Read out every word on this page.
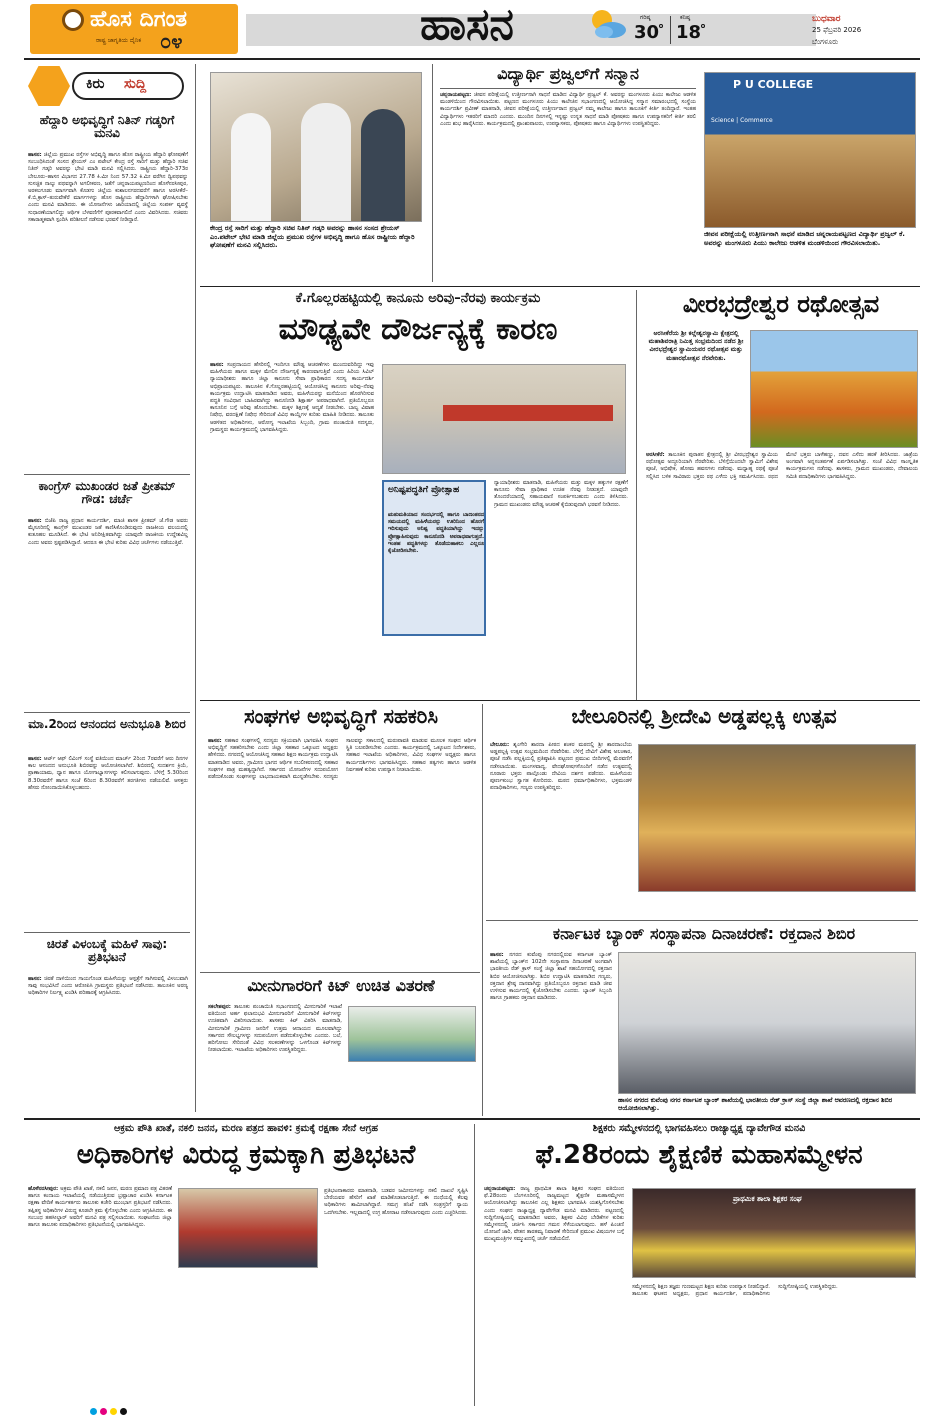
ಹೊಸ ದಿಗಂತ
ರಾಷ್ಟ್ರ ಜಾಗೃತಿಯ ದೈನಿಕ ೦೪	ಹಾಸನ	ಗರಿಷ್ಠ
30
ಕನಿಷ್ಠ
18
ಬುಧವಾರ
25 ಫೆಬ್ರವರಿ 2026
ಬೆಂಗಳೂರು
ಕಿರು ಸುದ್ದಿ
ಹೆದ್ದಾರಿ ಅಭಿವೃದ್ಧಿಗೆ ನಿತಿನ್ ಗಡ್ಕರಿಗೆ ಮನವಿ
ಹಾಸನ: ಜಿಲ್ಲೆಯ ಪ್ರಮುಖ ರಸ್ತೆಗಳ ಅಭಿವೃದ್ಧಿ ಹಾಗೂ ಹೊಸ ರಾಷ್ಟ್ರೀಯ ಹೆದ್ದಾರಿ ಘೋಷಣೆಗೆ ಸಂಬಂಧಿಸಿದಂತೆ ಸಂಸದ ಶ್ರೇಯಸ್ ಎಂ ಪಟೇಲ್ ಕೇಂದ್ರ ರಸ್ತೆ ಸಾರಿಗೆ ಮತ್ತು ಹೆದ್ದಾರಿ ಸಚಿವ ನಿತಿನ್ ಗಡ್ಕರಿ ಅವರನ್ನು ಭೇಟಿ ಮಾಡಿ ಮನವಿ ಸಲ್ಲಿಸಿದರು. ರಾಷ್ಟ್ರೀಯ ಹೆದ್ದಾರಿ-373ರ ಬೇಲೂರು–ಹಾಸನ ವಿಭಾಗದ 27.78 ಕಿ.ಮೀ ನಿಂದ 57.32 ಕಿ.ಮೀ ವರೆಗಿನ ದ್ವಿಪಥವನ್ನು ಸುಸಜ್ಜಿತ ನಾಲ್ಕು ಪಥವನ್ನಾಗಿ ಅಗಲೀಕರಣ, ಜತೆಗೆ ಚನ್ನರಾಯಪಟ್ಟಣದಿಂದ ಹೊಳೆನರಸೀಪುರ, ಅರಕಲಗೂಡು ಮಾರ್ಗವಾಗಿ ಕೊಡಗು ಜಿಲ್ಲೆಯ ಕುಶಾಲನಗರದವರೆಗೆ ಹಾಗೂ ಅರಸೀಕೆರೆ–ಕೆ.ಬಿ.ಕ್ರಾಸ್–ತುರುವೇಕೆರೆ ಮಾರ್ಗಗಳನ್ನು ಹೊಸ ರಾಷ್ಟ್ರೀಯ ಹೆದ್ದಾರಿಗಳಾಗಿ ಘೋಷಿಸಬೇಕು ಎಂದು ಮನವಿ ಮಾಡಿದರು. ಈ ಯೋಜನೆಗಳು ಜಾರಿಯಾದಲ್ಲಿ ಜಿಲ್ಲೆಯ ಸಂಪರ್ಕ ವ್ಯವಸ್ಥೆ ಸುಧಾರಣೆಯಾಗಲಿದ್ದು ಆರ್ಥಿಕ ಬೆಳವಣಿಗೆಗೆ ಪೂರಕವಾಗಲಿದೆ ಎಂದು ವಿವರಿಸಿದರು. ಸಚಿವರು ಸಕಾರಾತ್ಮಕವಾಗಿ ಸ್ಪಂದಿಸಿ ಪರಿಶೀಲನೆ ನಡೆಸುವ ಭರವಸೆ ನೀಡಿದ್ದಾರೆ.
ಕಾಂಗ್ರೆಸ್ ಮುಖಂಡರ ಜತೆ ಪ್ರೀತಮ್ ಗೌಡ: ಚರ್ಚೆ
ಹಾಸನ: ಬಿಜೆಪಿ ರಾಜ್ಯ ಪ್ರಧಾನ ಕಾರ್ಯದರ್ಶಿ, ಮಾಜಿ ಶಾಸಕ ಪ್ರೀತಮ್ ಜೆ.ಗೌಡ ಅವರು ಮೈಸೂರಿನಲ್ಲಿ ಕಾಂಗ್ರೆಸ್ ಮುಖಂಡರ ಜತೆ ಕಾಣಿಸಿಕೊಂಡಿರುವುದು ರಾಜಕೀಯ ವಲಯದಲ್ಲಿ ಕುತೂಹಲ ಮೂಡಿಸಿದೆ. ಈ ಭೇಟಿ ಅನಿರೀಕ್ಷಿತವಾಗಿದ್ದು ಯಾವುದೇ ರಾಜಕೀಯ ಉದ್ದೇಶವಿಲ್ಲ ಎಂದು ಅವರು ಸ್ಪಷ್ಟಪಡಿಸಿದ್ದಾರೆ. ಆದರೂ ಈ ಭೇಟಿ ಕುರಿತು ವಿವಿಧ ಚರ್ಚೆಗಳು ನಡೆಯುತ್ತಿವೆ.
ಮಾ.2ರಿಂದ ಆನಂದದ ಅನುಭೂತಿ ಶಿಬಿರ
ಹಾಸನ: ಆರ್ಟ್ ಆಫ್ ಲಿವಿಂಗ್ ಸಂಸ್ಥೆ ವತಿಯಿಂದ ಮಾರ್ಚ್ 2ರಿಂದ 7ರವರೆಗೆ ಆರು ದಿನಗಳ ಕಾಲ ಆನಂದದ ಅನುಭೂತಿ ಶಿಬಿರವನ್ನು ಆಯೋಜಿಸಲಾಗಿದೆ. ಶಿಬಿರದಲ್ಲಿ ಸುದರ್ಶನ ಕ್ರಿಯೆ, ಪ್ರಾಣಾಯಾಮ, ಧ್ಯಾನ ಹಾಗೂ ಯೋಗಾಭ್ಯಾಸಗಳನ್ನು ಕಲಿಸಲಾಗುವುದು. ಬೆಳಿಗ್ಗೆ 5.30ರಿಂದ 8.30ರವರೆಗೆ ಹಾಗೂ ಸಂಜೆ 6ರಿಂದ 8.30ರವರೆಗೆ ತರಗತಿಗಳು ನಡೆಯಲಿವೆ. ಆಸಕ್ತರು ಹೆಸರು ನೋಂದಾಯಿಸಿಕೊಳ್ಳಬಹುದು.
ಚಿರತೆ ವಿಳಂಬಕ್ಕೆ ಮಹಿಳೆ ಸಾವು: ಪ್ರತಿಭಟನೆ
ಹಾಸನ: ಚಿರತೆ ದಾಳಿಯಿಂದ ಗಾಯಗೊಂಡ ಮಹಿಳೆಯನ್ನು ಆಸ್ಪತ್ರೆಗೆ ಸಾಗಿಸುವಲ್ಲಿ ವಿಳಂಬವಾಗಿ ಸಾವು ಸಂಭವಿಸಿದೆ ಎಂದು ಆರೋಪಿಸಿ ಗ್ರಾಮಸ್ಥರು ಪ್ರತಿಭಟನೆ ನಡೆಸಿದರು. ತಾಲೂಕಿನ ಅರಣ್ಯ ಅಧಿಕಾರಿಗಳ ನಿರ್ಲಕ್ಷ್ಯ ಖಂಡಿಸಿ ಪರಿಹಾರಕ್ಕೆ ಆಗ್ರಹಿಸಿದರು.
ಕೇಂದ್ರ ರಸ್ತೆ ಸಾರಿಗೆ ಮತ್ತು ಹೆದ್ದಾರಿ ಸಚಿವ ನಿತಿನ್ ಗಡ್ಕರಿ ಅವರನ್ನು ಹಾಸನ ಸಂಸದ ಶ್ರೇಯಸ್ ಎಂ.ಪಟೇಲ್ ಭೇಟಿ ಮಾಡಿ ಜಿಲ್ಲೆಯ ಪ್ರಮುಖ ರಸ್ತೆಗಳ ಅಭಿವೃದ್ಧಿ ಹಾಗೂ ಹೊಸ ರಾಷ್ಟ್ರೀಯ ಹೆದ್ದಾರಿ ಘೋಷಣೆಗೆ ಮನವಿ ಸಲ್ಲಿಸಿದರು.
ವಿದ್ಯಾರ್ಥಿ ಪ್ರಜ್ವಲ್‌ಗೆ ಸನ್ಮಾನ
ಚನ್ನರಾಯಪಟ್ಟಣ: ಜೀವನ ಪರೀಕ್ಷೆಯಲ್ಲಿ ಉತ್ತೀರ್ಣನಾಗಿ ಸಾಧನೆ ಮಾಡಿದ ವಿದ್ಯಾರ್ಥಿ ಪ್ರಜ್ವಲ್ ಕೆ. ಅವರನ್ನು ಮಂಗಳೂರು ಪಿಯು ಕಾಲೇಜು ಆಡಳಿತ ಮಂಡಳಿಯಿಂದ ಗೌರವಿಸಲಾಯಿತು. ಪಟ್ಟಣದ ಮಂಗಳೂರು ಪಿಯು ಕಾಲೇಜಿನ ಸಭಾಂಗಣದಲ್ಲಿ ಆಯೋಜಿಸಿದ್ದ ಸನ್ಮಾನ ಸಮಾರಂಭದಲ್ಲಿ ಸಂಸ್ಥೆಯ ಕಾರ್ಯದರ್ಶಿ ಪ್ರವೀಣ್ ಮಾತನಾಡಿ, ಜೀವನ ಪರೀಕ್ಷೆಯಲ್ಲಿ ಉತ್ತೀರ್ಣರಾದ ಪ್ರಜ್ವಲ್ ನಮ್ಮ ಕಾಲೇಜು ಹಾಗೂ ತಾಲೂಕಿಗೆ ಕೀರ್ತಿ ತಂದಿದ್ದಾರೆ. ಇಂತಹ ವಿದ್ಯಾರ್ಥಿಗಳು ಇತರರಿಗೆ ಮಾದರಿ ಎಂದರು. ಮುಂದಿನ ದಿನಗಳಲ್ಲಿ ಇನ್ನಷ್ಟು ಉನ್ನತ ಸಾಧನೆ ಮಾಡಿ ಪೋಷಕರು ಹಾಗೂ ಉಪನ್ಯಾಸಕರಿಗೆ ಕೀರ್ತಿ ತರಲಿ ಎಂದು ಶುಭ ಹಾರೈಸಿದರು. ಕಾರ್ಯಕ್ರಮದಲ್ಲಿ ಪ್ರಾಂಶುಪಾಲರು, ಉಪನ್ಯಾಸಕರು, ಪೋಷಕರು ಹಾಗೂ ವಿದ್ಯಾರ್ಥಿಗಳು ಉಪಸ್ಥಿತರಿದ್ದರು.
P U COLLEGE
Science | Commerce
ಜೀವನ ಪರೀಕ್ಷೆಯಲ್ಲಿ ಉತ್ತೀರ್ಣನಾಗಿ ಸಾಧನೆ ಮಾಡಿದ ಚನ್ನರಾಯಪಟ್ಟಣದ ವಿದ್ಯಾರ್ಥಿ ಪ್ರಜ್ವಲ್ ಕೆ. ಅವರನ್ನು ಮಂಗಳೂರು ಪಿಯು ಕಾಲೇಜು ಆಡಳಿತ ಮಂಡಳಿಯಿಂದ ಗೌರವಿಸಲಾಯಿತು.
ಕೆ.ಗೊಲ್ಲರಹಟ್ಟಿಯಲ್ಲಿ ಕಾನೂನು ಅರಿವು–ನೆರವು ಕಾರ್ಯಕ್ರಮ
ಮೌಢ್ಯವೇ ದೌರ್ಜನ್ಯಕ್ಕೆ ಕಾರಣ
ಹಾಸನ: ಸಂಪ್ರದಾಯದ ಹೆಸರಿನಲ್ಲಿ ಇಂದಿಗೂ ಮೌಢ್ಯ ಆಚರಣೆಗಳು ಮುಂದುವರಿದಿದ್ದು ಇವು ಮಹಿಳೆಯರು ಹಾಗೂ ಮಕ್ಕಳ ಮೇಲಿನ ದೌರ್ಜನ್ಯಕ್ಕೆ ಕಾರಣವಾಗುತ್ತಿವೆ ಎಂದು ಹಿರಿಯ ಸಿವಿಲ್ ನ್ಯಾಯಾಧೀಶರು ಹಾಗೂ ಜಿಲ್ಲಾ ಕಾನೂನು ಸೇವಾ ಪ್ರಾಧಿಕಾರದ ಸದಸ್ಯ ಕಾರ್ಯದರ್ಶಿ ಅಭಿಪ್ರಾಯಪಟ್ಟರು. ತಾಲೂಕಿನ ಕೆ.ಗೊಲ್ಲರಹಟ್ಟಿಯಲ್ಲಿ ಆಯೋಜಿಸಿದ್ದ ಕಾನೂನು ಅರಿವು–ನೆರವು ಕಾರ್ಯಕ್ರಮ ಉದ್ಘಾಟಿಸಿ ಮಾತನಾಡಿದ ಅವರು, ಮಹಿಳೆಯರನ್ನು ಮನೆಯಿಂದ ಹೊರಗಿರಿಸುವ ಪದ್ಧತಿ ಸಂವಿಧಾನ ಬಾಹಿರವಾಗಿದ್ದು ಕಾನೂನಿನಡಿ ಶಿಕ್ಷಾರ್ಹ ಅಪರಾಧವಾಗಿದೆ. ಪ್ರತಿಯೊಬ್ಬರೂ ಕಾನೂನಿನ ಬಗ್ಗೆ ಅರಿವು ಹೊಂದಬೇಕು. ಮಕ್ಕಳ ಶಿಕ್ಷಣಕ್ಕೆ ಆದ್ಯತೆ ನೀಡಬೇಕು. ಬಾಲ್ಯ ವಿವಾಹ ನಿಷೇಧ, ವರದಕ್ಷಿಣೆ ನಿಷೇಧ ಸೇರಿದಂತೆ ವಿವಿಧ ಕಾಯ್ದೆಗಳ ಕುರಿತು ಮಾಹಿತಿ ನೀಡಿದರು. ತಾಲೂಕು ಆಡಳಿತದ ಅಧಿಕಾರಿಗಳು, ಆರೋಗ್ಯ ಇಲಾಖೆಯ ಸಿಬ್ಬಂದಿ, ಗ್ರಾಮ ಪಂಚಾಯಿತಿ ಸದಸ್ಯರು, ಗ್ರಾಮಸ್ಥರು ಕಾರ್ಯಕ್ರಮದಲ್ಲಿ ಭಾಗವಹಿಸಿದ್ದರು.
ಅನಿಷ್ಟಪದ್ಧತಿಗೆ ಪ್ರೋತ್ಸಾಹ
ಋತುಮತಿಯಾದ ಸಂದರ್ಭದಲ್ಲಿ ಹಾಗೂ ಬಾಣಂತನದ ಸಮಯದಲ್ಲಿ ಮಹಿಳೆಯರನ್ನು ಊರಿನಿಂದ ಹೊರಗೆ ಇರಿಸುವುದು ಅನಿಷ್ಟ ಪದ್ಧತಿಯಾಗಿದ್ದು ಇದನ್ನು ಪ್ರೋತ್ಸಾಹಿಸುವುದು ಕಾನೂನಿನಡಿ ಅಪರಾಧವಾಗುತ್ತದೆ. ಇಂತಹ ಪದ್ಧತಿಗಳನ್ನು ತೊಡೆದುಹಾಕಲು ಎಲ್ಲರೂ ಕೈಜೋಡಿಸಬೇಕು.
ನ್ಯಾಯಾಧೀಶರು ಮಾತನಾಡಿ, ಮಹಿಳೆಯರು ಮತ್ತು ಮಕ್ಕಳ ಹಕ್ಕುಗಳ ರಕ್ಷಣೆಗೆ ಕಾನೂನು ಸೇವಾ ಪ್ರಾಧಿಕಾರ ಉಚಿತ ನೆರವು ನೀಡುತ್ತದೆ. ಯಾವುದೇ ತೊಂದರೆಯಾದಲ್ಲಿ ಸಹಾಯವಾಣಿ ಸಂಪರ್ಕಿಸಬಹುದು ಎಂದು ತಿಳಿಸಿದರು. ಗ್ರಾಮದ ಮುಖಂಡರು ಮೌಢ್ಯ ಆಚರಣೆ ಕೈಬಿಡುವುದಾಗಿ ಭರವಸೆ ನೀಡಿದರು.
ವೀರಭದ್ರೇಶ್ವರ ರಥೋತ್ಸವ
ಅರಸೀಕೆರೆಯ ಶ್ರೀ ಕಲ್ಲೇಶ್ವರಸ್ವಾಮಿ ಕ್ಷೇತ್ರದಲ್ಲಿ ಮಹಾಶಿವರಾತ್ರಿ ನಿಮಿತ್ತ ಸಂಭ್ರಮದಿಂದ ನಡೆದ ಶ್ರೀ ವೀರಭದ್ರೇಶ್ವರ ಸ್ವಾಮಿಯವರ ರಥೋತ್ಸವ ಮತ್ತು ಮಹಾರಥೋತ್ಸವ ನೆರವೇರಿತು.
ಅರಸೀಕೆರೆ: ತಾಲೂಕಿನ ಪುರಾತನ ಕ್ಷೇತ್ರದಲ್ಲಿ ಶ್ರೀ ವೀರಭದ್ರೇಶ್ವರ ಸ್ವಾಮಿಯ ರಥೋತ್ಸವ ಅದ್ಧೂರಿಯಾಗಿ ನೆರವೇರಿತು. ಬೆಳಿಗ್ಗೆಯಿಂದಲೇ ಸ್ವಾಮಿಗೆ ವಿಶೇಷ ಪೂಜೆ, ಅಭಿಷೇಕ, ಹೋಮ ಹವನಗಳು ನಡೆದವು. ಮಧ್ಯಾಹ್ನ ರಥಕ್ಕೆ ಪೂಜೆ ಸಲ್ಲಿಸಿದ ಬಳಿಕ ಸಾವಿರಾರು ಭಕ್ತರು ರಥ ಎಳೆದು ಭಕ್ತಿ ಸಮರ್ಪಿಸಿದರು. ರಥದ ಮೇಲೆ ಭಕ್ತರು ಬಾಳೆಹಣ್ಣು, ದವನ ಎಸೆದು ಹರಕೆ ತೀರಿಸಿದರು. ಜಾತ್ರೆಯ ಅಂಗವಾಗಿ ಅನ್ನಸಂತರ್ಪಣೆ ಏರ್ಪಡಿಸಲಾಗಿತ್ತು. ಸಂಜೆ ವಿವಿಧ ಸಾಂಸ್ಕೃತಿಕ ಕಾರ್ಯಕ್ರಮಗಳು ನಡೆದವು. ಶಾಸಕರು, ಗ್ರಾಮದ ಮುಖಂಡರು, ದೇವಾಲಯ ಸಮಿತಿ ಪದಾಧಿಕಾರಿಗಳು ಭಾಗವಹಿಸಿದ್ದರು.
ಸಂಘಗಳ ಅಭಿವೃದ್ಧಿಗೆ ಸಹಕರಿಸಿ
ಹಾಸನ: ಸಹಕಾರ ಸಂಘಗಳಲ್ಲಿ ಸದಸ್ಯರು ಸಕ್ರಿಯವಾಗಿ ಭಾಗವಹಿಸಿ ಸಂಘದ ಅಭಿವೃದ್ಧಿಗೆ ಸಹಕರಿಸಬೇಕು ಎಂದು ಜಿಲ್ಲಾ ಸಹಕಾರ ಒಕ್ಕೂಟದ ಅಧ್ಯಕ್ಷರು ಹೇಳಿದರು. ನಗರದಲ್ಲಿ ಆಯೋಜಿಸಿದ್ದ ಸಹಕಾರ ಶಿಕ್ಷಣ ಕಾರ್ಯಕ್ರಮ ಉದ್ಘಾಟಿಸಿ ಮಾತನಾಡಿದ ಅವರು, ಗ್ರಾಮೀಣ ಭಾಗದ ಆರ್ಥಿಕ ಸಬಲೀಕರಣದಲ್ಲಿ ಸಹಕಾರ ಸಂಘಗಳ ಪಾತ್ರ ಮಹತ್ವದ್ದಾಗಿದೆ. ಸರ್ಕಾರದ ಯೋಜನೆಗಳ ಸದುಪಯೋಗ ಪಡೆದುಕೊಂಡು ಸಂಘಗಳನ್ನು ಲಾಭದಾಯಕವಾಗಿ ಮುನ್ನಡೆಸಬೇಕು. ಸದಸ್ಯರು ಸಾಲವನ್ನು ಸಕಾಲದಲ್ಲಿ ಮರುಪಾವತಿ ಮಾಡುವ ಮೂಲಕ ಸಂಘದ ಆರ್ಥಿಕ ಸ್ಥಿತಿ ಬಲಪಡಿಸಬೇಕು ಎಂದರು. ಕಾರ್ಯಕ್ರಮದಲ್ಲಿ ಒಕ್ಕೂಟದ ನಿರ್ದೇಶಕರು, ಸಹಕಾರ ಇಲಾಖೆಯ ಅಧಿಕಾರಿಗಳು, ವಿವಿಧ ಸಂಘಗಳ ಅಧ್ಯಕ್ಷರು ಹಾಗೂ ಕಾರ್ಯದರ್ಶಿಗಳು ಭಾಗವಹಿಸಿದ್ದರು. ಸಹಕಾರ ತತ್ವಗಳು ಹಾಗೂ ಆಡಳಿತ ನಿರ್ವಹಣೆ ಕುರಿತು ಉಪನ್ಯಾಸ ನೀಡಲಾಯಿತು.
ಬೇಲೂರಿನಲ್ಲಿ ಶ್ರೀದೇವಿ ಅಡ್ಡಪಲ್ಲಕ್ಕಿ ಉತ್ಸವ
ಬೇಲೂರು: ಶೃಂಗೇರಿ ಶಾರದಾ ಪೀಠದ ಶಂಕರ ಮಠದಲ್ಲಿ ಶ್ರೀ ಶಾರದಾಂಬೆಯ ಅಡ್ಡಪಲ್ಲಕ್ಕಿ ಉತ್ಸವ ಸಂಭ್ರಮದಿಂದ ನೆರವೇರಿತು. ಬೆಳಿಗ್ಗೆ ದೇವಿಗೆ ವಿಶೇಷ ಅಲಂಕಾರ, ಪೂಜೆ ನಡೆಸಿ ಪಲ್ಲಕ್ಕಿಯಲ್ಲಿ ಪ್ರತಿಷ್ಠಾಪಿಸಿ ಪಟ್ಟಣದ ಪ್ರಮುಖ ಬೀದಿಗಳಲ್ಲಿ ಮೆರವಣಿಗೆ ನಡೆಸಲಾಯಿತು. ಮಂಗಳವಾದ್ಯ, ವೇದಘೋಷಗಳೊಂದಿಗೆ ನಡೆದ ಉತ್ಸವದಲ್ಲಿ ನೂರಾರು ಭಕ್ತರು ಪಾಲ್ಗೊಂಡು ದೇವಿಯ ದರ್ಶನ ಪಡೆದರು. ಮಹಿಳೆಯರು ಪೂರ್ಣಕುಂಭ ಸ್ವಾಗತ ಕೋರಿದರು. ಮಠದ ಧರ್ಮಾಧಿಕಾರಿಗಳು, ಭಕ್ತಮಂಡಳಿ ಪದಾಧಿಕಾರಿಗಳು, ಗಣ್ಯರು ಉಪಸ್ಥಿತರಿದ್ದರು.
ಮೀನುಗಾರರಿಗೆ ಕಿಟ್ ಉಚಿತ ವಿತರಣೆ
ಸಕಲೇಶಪುರ: ತಾಲೂಕು ಪಂಚಾಯಿತಿ ಸಭಾಂಗಣದಲ್ಲಿ ಮೀನುಗಾರಿಕೆ ಇಲಾಖೆ ವತಿಯಿಂದ ಅರ್ಹ ಫಲಾನುಭವಿ ಮೀನುಗಾರರಿಗೆ ಮೀನುಗಾರಿಕೆ ಕಿಟ್‌ಗಳನ್ನು ಉಚಿತವಾಗಿ ವಿತರಿಸಲಾಯಿತು. ಶಾಸಕರು ಕಿಟ್ ವಿತರಿಸಿ ಮಾತನಾಡಿ, ಮೀನುಗಾರಿಕೆ ಗ್ರಾಮೀಣ ಜನರಿಗೆ ಉತ್ತಮ ಆದಾಯದ ಮೂಲವಾಗಿದ್ದು ಸರ್ಕಾರದ ಸೌಲಭ್ಯಗಳನ್ನು ಸದುಪಯೋಗ ಪಡೆದುಕೊಳ್ಳಬೇಕು ಎಂದರು. ಬಲೆ, ಹರಿಗೋಲು ಸೇರಿದಂತೆ ವಿವಿಧ ಸಲಕರಣೆಗಳನ್ನು ಒಳಗೊಂಡ ಕಿಟ್‌ಗಳನ್ನು ನೀಡಲಾಯಿತು. ಇಲಾಖೆಯ ಅಧಿಕಾರಿಗಳು ಉಪಸ್ಥಿತರಿದ್ದರು.
ಕರ್ನಾಟಕ ಬ್ಯಾಂಕ್ ಸಂಸ್ಥಾಪನಾ ದಿನಾಚರಣೆ: ರಕ್ತದಾನ ಶಿಬಿರ
ಹಾಸನ: ನಗರದ ಕುವೆಂಪು ನಗರದಲ್ಲಿರುವ ಕರ್ನಾಟಕ ಬ್ಯಾಂಕ್ ಶಾಖೆಯಲ್ಲಿ ಬ್ಯಾಂಕ್‌ನ 102ನೇ ಸಂಸ್ಥಾಪನಾ ದಿನಾಚರಣೆ ಅಂಗವಾಗಿ ಭಾರತೀಯ ರೆಡ್ ಕ್ರಾಸ್ ಸಂಸ್ಥೆ ಜಿಲ್ಲಾ ಶಾಖೆ ಸಹಯೋಗದಲ್ಲಿ ರಕ್ತದಾನ ಶಿಬಿರ ಆಯೋಜಿಸಲಾಗಿತ್ತು. ಶಿಬಿರ ಉದ್ಘಾಟಿಸಿ ಮಾತನಾಡಿದ ಗಣ್ಯರು, ರಕ್ತದಾನ ಶ್ರೇಷ್ಠ ದಾನವಾಗಿದ್ದು ಪ್ರತಿಯೊಬ್ಬರೂ ರಕ್ತದಾನ ಮಾಡಿ ಜೀವ ಉಳಿಸುವ ಕಾರ್ಯದಲ್ಲಿ ಕೈಜೋಡಿಸಬೇಕು ಎಂದರು. ಬ್ಯಾಂಕ್ ಸಿಬ್ಬಂದಿ ಹಾಗೂ ಗ್ರಾಹಕರು ರಕ್ತದಾನ ಮಾಡಿದರು.
ಹಾಸನ ನಗರದ ಕುವೆಂಪು ನಗರ ಕರ್ನಾಟಕ ಬ್ಯಾಂಕ್ ಶಾಖೆಯಲ್ಲಿ ಭಾರತೀಯ ರೆಡ್ ಕ್ರಾಸ್ ಸಂಸ್ಥೆ ಜಿಲ್ಲಾ ಶಾಖೆ ಆವರಣದಲ್ಲಿ ರಕ್ತದಾನ ಶಿಬಿರ ಆಯೋಜಿಸಲಾಗಿತ್ತು.
ಆಕ್ರಮ ಪೌತಿ ಖಾತೆ, ನಕಲಿ ಜನನ, ಮರಣ ಪತ್ರದ ಹಾವಳಿ: ಕ್ರಮಕ್ಕೆ ರಕ್ಷಣಾ ಸೇನೆ ಆಗ್ರಹ
ಅಧಿಕಾರಿಗಳ ವಿರುದ್ಧ ಕ್ರಮಕ್ಕಾಗಿ ಪ್ರತಿಭಟನೆ
ಹೊಳೆನರಸೀಪುರ: ಅಕ್ರಮ ಪೌತಿ ಖಾತೆ, ನಕಲಿ ಜನನ, ಮರಣ ಪ್ರಮಾಣ ಪತ್ರ ವಿತರಣೆ ಹಾಗೂ ಕಂದಾಯ ಇಲಾಖೆಯಲ್ಲಿ ನಡೆಯುತ್ತಿರುವ ಭ್ರಷ್ಟಾಚಾರ ಖಂಡಿಸಿ ಕರ್ನಾಟಕ ರಕ್ಷಣಾ ವೇದಿಕೆ ಕಾರ್ಯಕರ್ತರು ತಾಲೂಕು ಕಚೇರಿ ಮುಂಭಾಗ ಪ್ರತಿಭಟನೆ ನಡೆಸಿದರು. ತಪ್ಪಿತಸ್ಥ ಅಧಿಕಾರಿಗಳ ವಿರುದ್ಧ ಕೂಡಲೇ ಕ್ರಮ ಕೈಗೊಳ್ಳಬೇಕು ಎಂದು ಆಗ್ರಹಿಸಿದರು. ಈ ಸಂಬಂಧ ತಹಸೀಲ್ದಾರ್ ಅವರಿಗೆ ಮನವಿ ಪತ್ರ ಸಲ್ಲಿಸಲಾಯಿತು. ಸಂಘಟನೆಯ ಜಿಲ್ಲಾ ಹಾಗೂ ತಾಲೂಕು ಪದಾಧಿಕಾರಿಗಳು ಪ್ರತಿಭಟನೆಯಲ್ಲಿ ಭಾಗವಹಿಸಿದ್ದರು.
ಪ್ರತಿಭಟನಾಕಾರರು ಮಾತನಾಡಿ, ಬಡವರ ಜಮೀನುಗಳನ್ನು ನಕಲಿ ದಾಖಲೆ ಸೃಷ್ಟಿಸಿ ಬೇರೆಯವರ ಹೆಸರಿಗೆ ಖಾತೆ ಮಾಡಿಕೊಡಲಾಗುತ್ತಿದೆ. ಈ ದಂಧೆಯಲ್ಲಿ ಕೆಲವು ಅಧಿಕಾರಿಗಳು ಶಾಮೀಲಾಗಿದ್ದಾರೆ. ಸಮಗ್ರ ತನಿಖೆ ನಡೆಸಿ ಸಂತ್ರಸ್ತರಿಗೆ ನ್ಯಾಯ ಒದಗಿಸಬೇಕು. ಇಲ್ಲವಾದಲ್ಲಿ ಉಗ್ರ ಹೋರಾಟ ನಡೆಸಲಾಗುವುದು ಎಂದು ಎಚ್ಚರಿಸಿದರು.
ಶಿಕ್ಷಕರು ಸಮ್ಮೇಳನದಲ್ಲಿ ಭಾಗವಹಿಸಲು ರಾಜ್ಯಾಧ್ಯಕ್ಷ ದ್ಯಾವೇಗೌಡ ಮನವಿ
ಫೆ.28ರಂದು ಶೈಕ್ಷಣಿಕ ಮಹಾಸಮ್ಮೇಳನ
ಚನ್ನರಾಯಪಟ್ಟಣ: ರಾಜ್ಯ ಪ್ರಾಥಮಿಕ ಶಾಲಾ ಶಿಕ್ಷಕರ ಸಂಘದ ವತಿಯಿಂದ ಫೆ.28ರಂದು ಬೆಂಗಳೂರಿನಲ್ಲಿ ರಾಜ್ಯಮಟ್ಟದ ಶೈಕ್ಷಣಿಕ ಮಹಾಸಮ್ಮೇಳನ ಆಯೋಜಿಸಲಾಗಿದ್ದು ತಾಲೂಕಿನ ಎಲ್ಲ ಶಿಕ್ಷಕರು ಭಾಗವಹಿಸಿ ಯಶಸ್ವಿಗೊಳಿಸಬೇಕು ಎಂದು ಸಂಘದ ರಾಜ್ಯಾಧ್ಯಕ್ಷ ದ್ಯಾವೇಗೌಡ ಮನವಿ ಮಾಡಿದರು. ಪಟ್ಟಣದಲ್ಲಿ ಸುದ್ದಿಗೋಷ್ಠಿಯಲ್ಲಿ ಮಾತನಾಡಿದ ಅವರು, ಶಿಕ್ಷಕರ ವಿವಿಧ ಬೇಡಿಕೆಗಳ ಕುರಿತು ಸಮ್ಮೇಳನದಲ್ಲಿ ಚರ್ಚಿಸಿ ಸರ್ಕಾರದ ಗಮನ ಸೆಳೆಯಲಾಗುವುದು. ಹಳೆ ಪಿಂಚಣಿ ಯೋಜನೆ ಜಾರಿ, ವೇತನ ತಾರತಮ್ಯ ನಿವಾರಣೆ ಸೇರಿದಂತೆ ಪ್ರಮುಖ ವಿಷಯಗಳ ಬಗ್ಗೆ ಮುಖ್ಯಮಂತ್ರಿಗಳ ಸಮ್ಮುಖದಲ್ಲಿ ಚರ್ಚೆ ನಡೆಯಲಿದೆ.
ಪ್ರಾಥಮಿಕ ಶಾಲಾ ಶಿಕ್ಷಕರ ಸಂಘ
ಸಮ್ಮೇಳನದಲ್ಲಿ ಶಿಕ್ಷಣ ತಜ್ಞರು ಗುಣಮಟ್ಟದ ಶಿಕ್ಷಣ ಕುರಿತು ಉಪನ್ಯಾಸ ನೀಡಲಿದ್ದಾರೆ. ತಾಲೂಕು ಘಟಕದ ಅಧ್ಯಕ್ಷರು, ಪ್ರಧಾನ ಕಾರ್ಯದರ್ಶಿ, ಪದಾಧಿಕಾರಿಗಳು ಸುದ್ದಿಗೋಷ್ಠಿಯಲ್ಲಿ ಉಪಸ್ಥಿತರಿದ್ದರು.
